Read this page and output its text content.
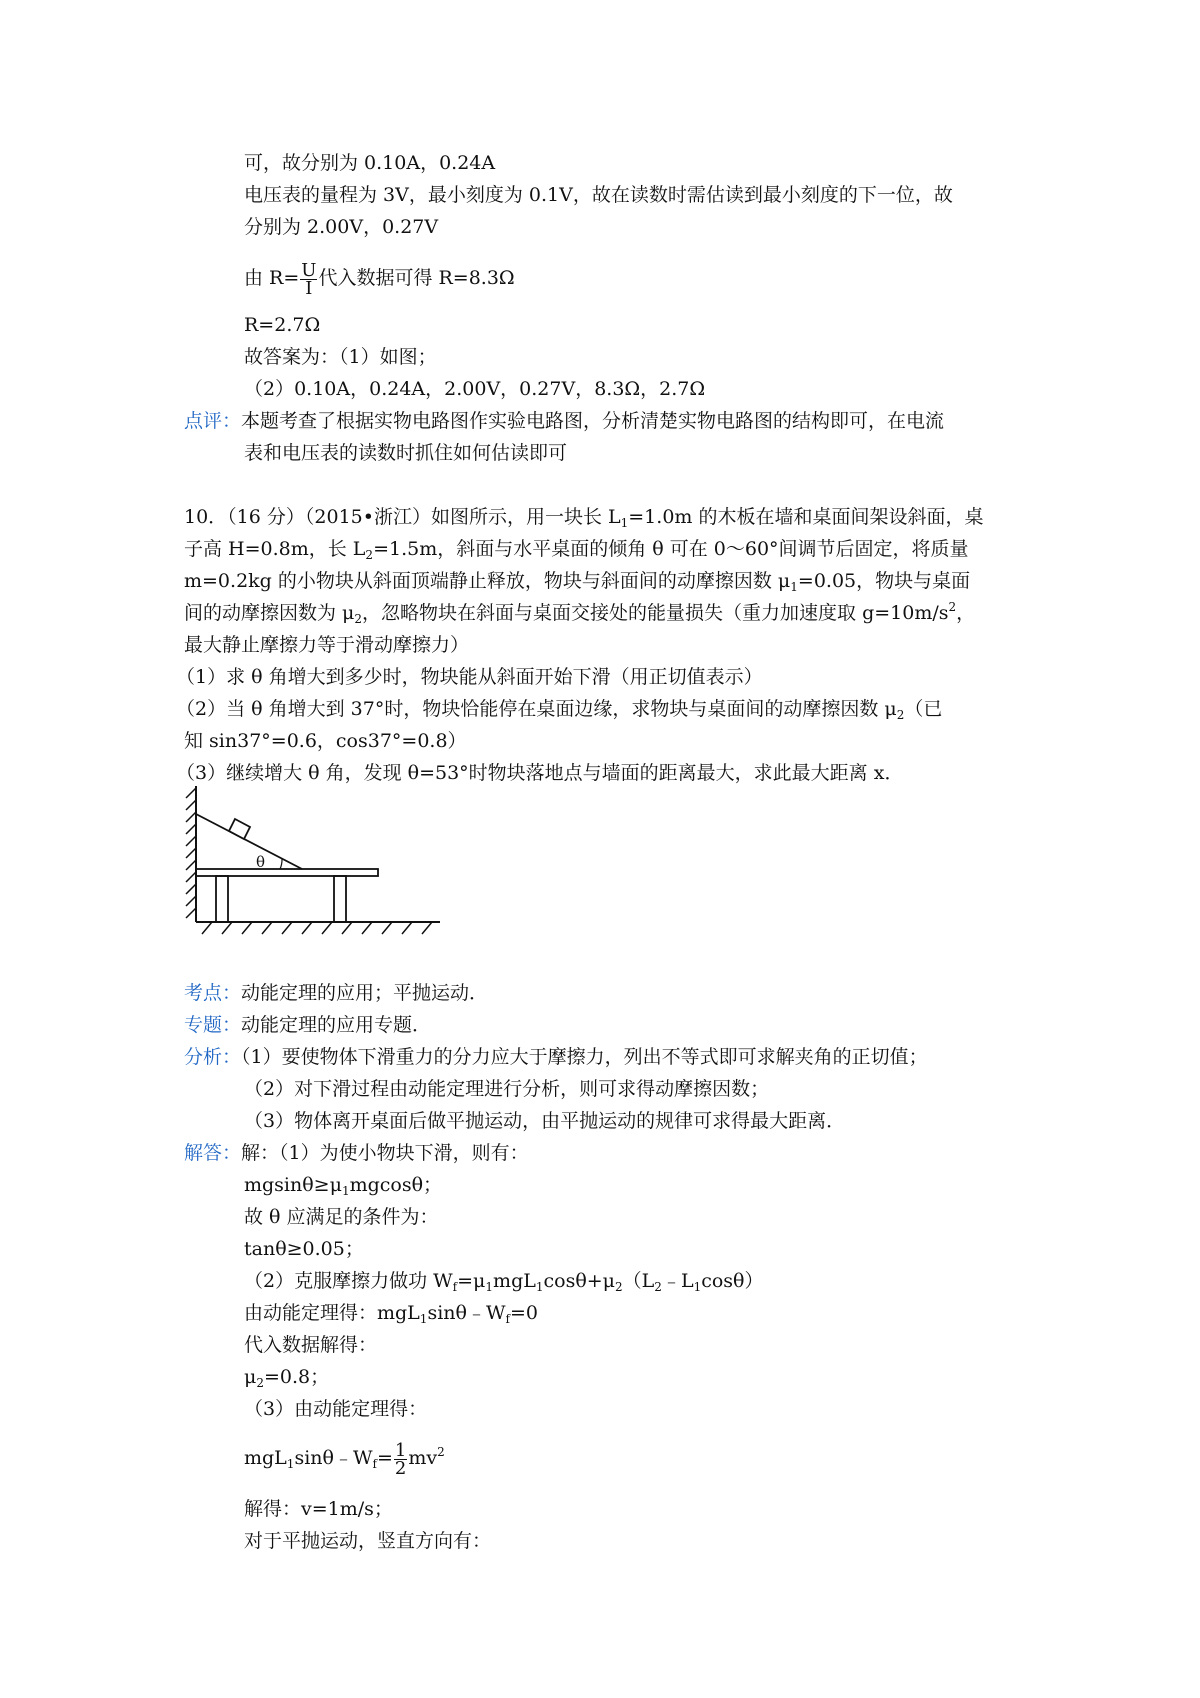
可，故分别为 0.10A，0.24A
电压表的量程为 3V，最小刻度为 0.1V，故在读数时需估读到最小刻度的下一位，故
分别为 2.00V，0.27V
由 $R= \frac{U}{I}$ 代入数据可得 R=8.3Ω
R=2.7Ω
故答案为：（1）如图；
（2）0.10A，0.24A，2.00V，0.27V，8.3Ω，2.7Ω
点评：本题考查了根据实物电路图作实验电路图，分析清楚实物电路图的结构即可，在电流
表和电压表的读数时抓住如何估读即可
10．（16 分）（2015•浙江）如图所示，用一块长 $L_1=1.0m$ 的木板在墙和桌面间架设斜面，桌
子高 H=0.8m，长 $L_2=1.5m$，斜面与水平桌面的倾角 θ 可在 0～60°间调节后固定，将质量
m=0.2kg 的小物块从斜面顶端静止释放，物块与斜面间的动摩擦因数 $\mu_1=0.05$，物块与桌面
间的动摩擦因数为 $\mu_2$，忽略物块在斜面与桌面交接处的能量损失（重力加速度取 $g=10m/s^2$，
最大静止摩擦力等于滑动摩擦力）
（1）求 θ 角增大到多少时，物块能从斜面开始下滑（用正切值表示）
（2）当 θ 角增大到 37°时，物块恰能停在桌面边缘，求物块与桌面间的动摩擦因数 $\mu_2$（已
知 sin37°=0.6，cos37°=0.8）
（3）继续增大 θ 角，发现 θ=53°时物块落地点与墙面的距离最大，求此最大距离 x．
θ
考点：动能定理的应用；平抛运动．
专题：动能定理的应用专题．
分析：（1）要使物体下滑重力的分力应大于摩擦力，列出不等式即可求解夹角的正切值；
（2）对下滑过程由动能定理进行分析，则可求得动摩擦因数；
（3）物体离开桌面后做平抛运动，由平抛运动的规律可求得最大距离．
解答：解：（1）为使小物块下滑，则有：
$mgsin\theta\ge\mu_1mgcos\theta$；
故 θ 应满足的条件为：
tanθ≥0.05；
（2）克服摩擦力做功 $W_f=\mu_1mgL_1\cos\theta+\mu_2(L_2﹣L_1\cos\theta)$
由动能定理得：$mgL_1\sin\theta﹣W_f=0$
代入数据解得：
$\mu_2=0.8$；
（3）由动能定理得：
$mgL_1\sin\theta﹣W_f= \frac{1}{2} mv^2$
解得：v=1m/s；
对于平抛运动，竖直方向有：
